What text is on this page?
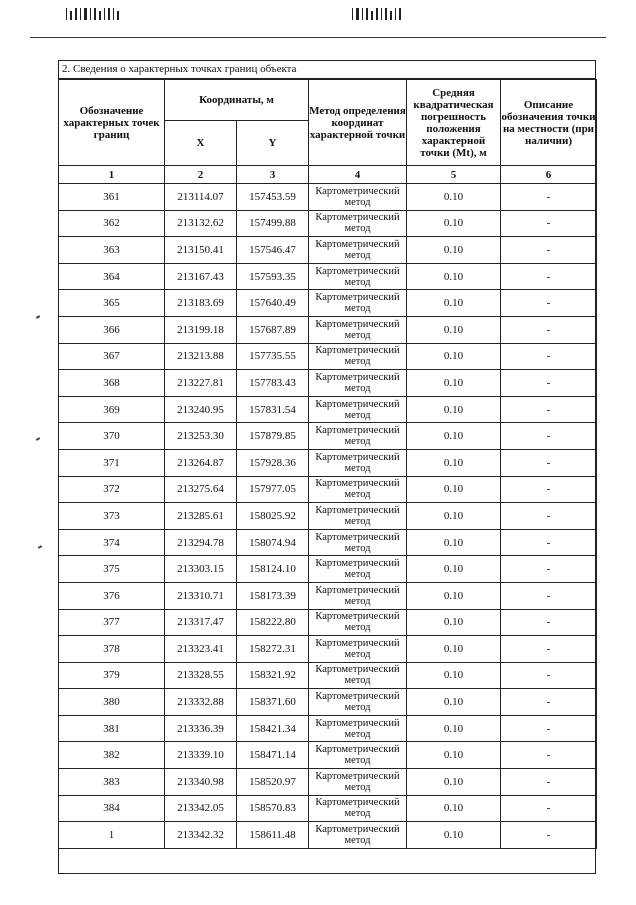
2. Сведения о характерных точках границ объекта
Обозначение характерных точек границ	Координаты, м		Метод определения координат характерной точки	Средняя квадратическая погрешность положения характерной точки (Mt), м	Описание обозначения точки на местности (при наличии)
	X	Y			
1	2	3	4	5	6
361	213114.07	157453.59	Картометрический метод	0.10	-
362	213132.62	157499.88	Картометрический метод	0.10	-
363	213150.41	157546.47	Картометрический метод	0.10	-
364	213167.43	157593.35	Картометрический метод	0.10	-
365	213183.69	157640.49	Картометрический метод	0.10	-
366	213199.18	157687.89	Картометрический метод	0.10	-
367	213213.88	157735.55	Картометрический метод	0.10	-
368	213227.81	157783.43	Картометрический метод	0.10	-
369	213240.95	157831.54	Картометрический метод	0.10	-
370	213253.30	157879.85	Картометрический метод	0.10	-
371	213264.87	157928.36	Картометрический метод	0.10	-
372	213275.64	157977.05	Картометрический метод	0.10	-
373	213285.61	158025.92	Картометрический метод	0.10	-
374	213294.78	158074.94	Картометрический метод	0.10	-
375	213303.15	158124.10	Картометрический метод	0.10	-
376	213310.71	158173.39	Картометрический метод	0.10	-
377	213317.47	158222.80	Картометрический метод	0.10	-
378	213323.41	158272.31	Картометрический метод	0.10	-
379	213328.55	158321.92	Картометрический метод	0.10	-
380	213332.88	158371.60	Картометрический метод	0.10	-
381	213336.39	158421.34	Картометрический метод	0.10	-
382	213339.10	158471.14	Картометрический метод	0.10	-
383	213340.98	158520.97	Картометрический метод	0.10	-
384	213342.05	158570.83	Картометрический метод	0.10	-
1	213342.32	158611.48	Картометрический метод	0.10	-
